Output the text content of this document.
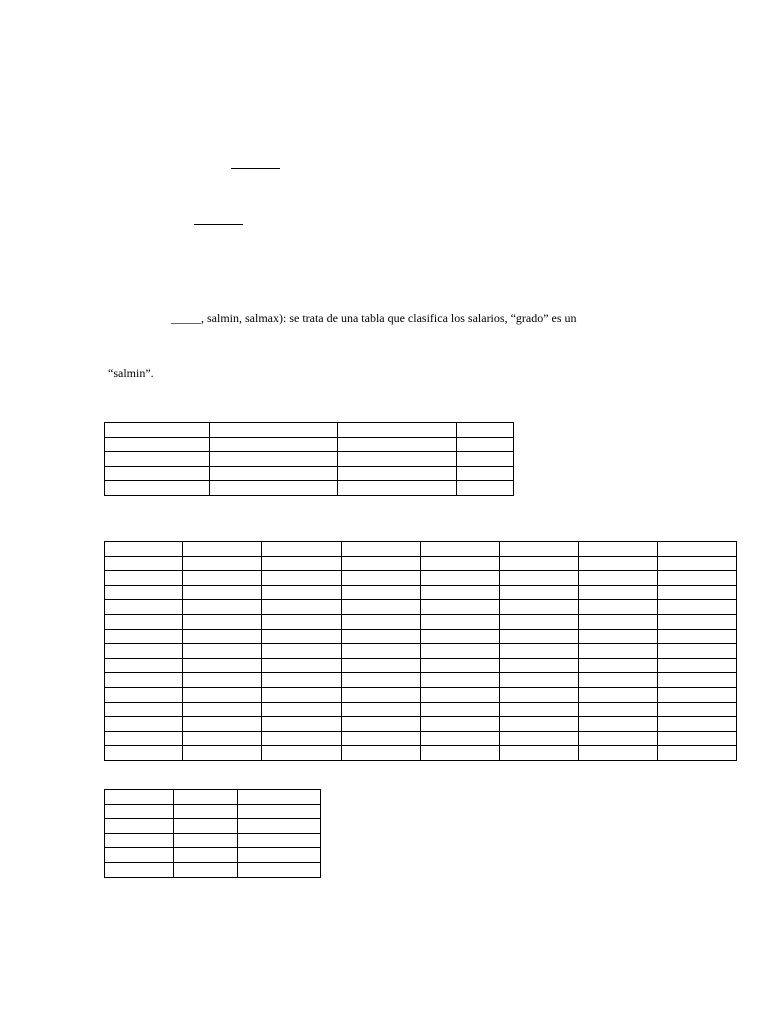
_____, salmin, salmax): se trata de una tabla que clasifica los salarios, “grado” es un
“salmin”.
